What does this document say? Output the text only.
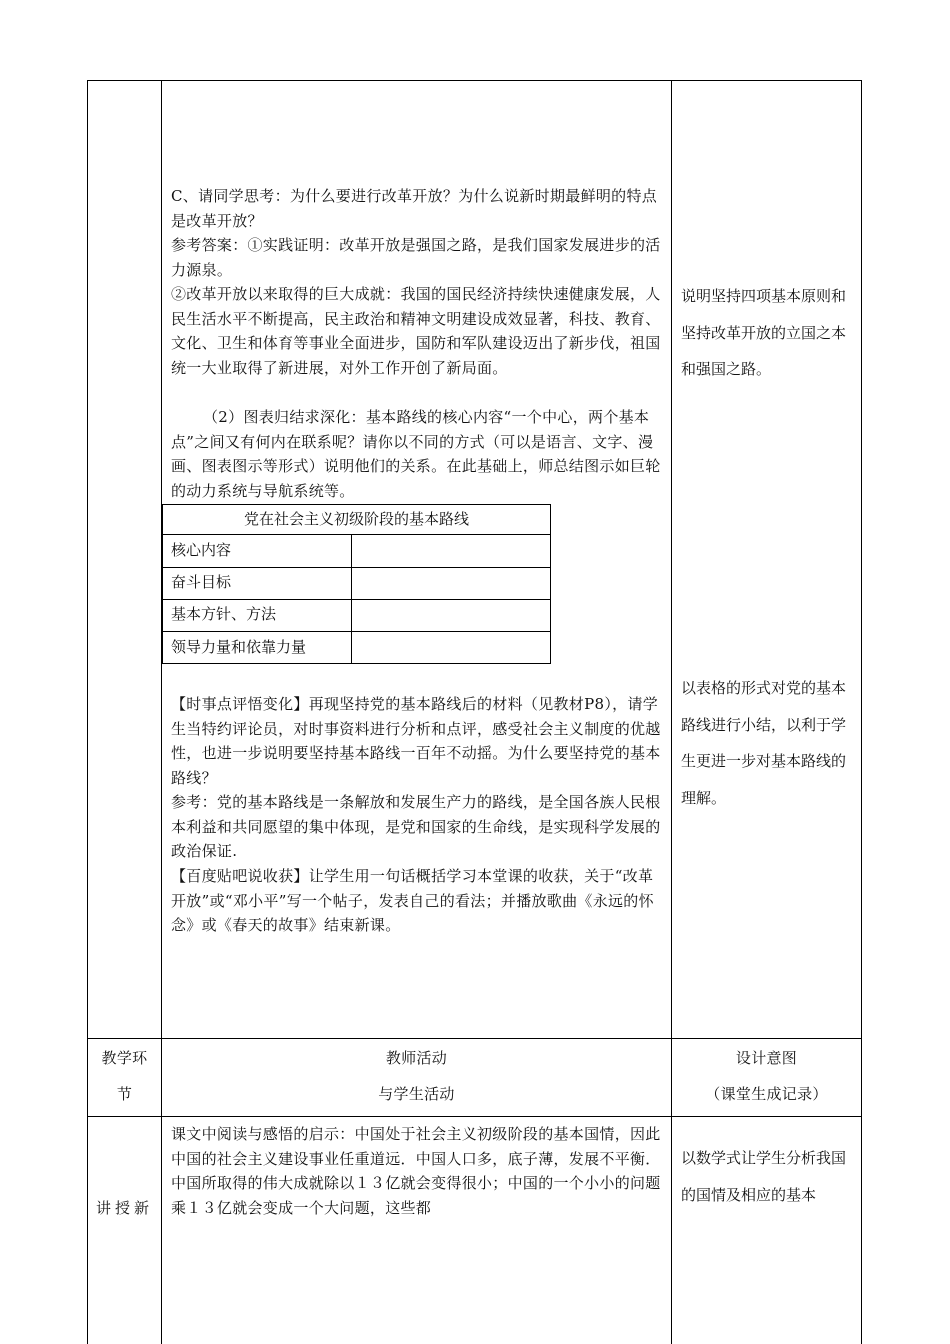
C、请同学思考：为什么要进行改革开放？为什么说新时期最鲜明的特点是改革开放？

参考答案：①实践证明：改革开放是强国之路，是我们国家发展进步的活力源泉。

②改革开放以来取得的巨大成就：我国的国民经济持续快速健康发展，人民生活水平不断提高，民主政治和精神文明建设成效显著，科技、教育、文化、卫生和体育等事业全面进步，国防和军队建设迈出了新步伐，祖国统一大业取得了新进展，对外工作开创了新局面。

（2）图表归结求深化：基本路线的核心内容“一个中心，两个基本点”之间又有何内在联系呢？请你以不同的方式（可以是语言、文字、漫画、图表图示等形式）说明他们的关系。在此基础上，师总结图示如巨轮的动力系统与导航系统等。

党在社会主义初级阶段的基本路线
核心内容
奋斗目标
基本方针、方法
领导力量和依靠力量

【时事点评悟变化】再现坚持党的基本路线后的材料（见教材P8），请学生当特约评论员，对时事资料进行分析和点评，感受社会主义制度的优越性，也进一步说明要坚持基本路线一百年不动摇。为什么要坚持党的基本路线？

参考：党的基本路线是一条解放和发展生产力的路线，是全国各族人民根本利益和共同愿望的集中体现，是党和国家的生命线，是实现科学发展的政治保证.

【百度贴吧说收获】让学生用一句话概括学习本堂课的收获，关于“改革开放”或“邓小平”写一个帖子，发表自己的看法；并播放歌曲《永远的怀念》或《春天的故事》结束新课。

说明坚持四项基本原则和坚持改革开放的立国之本和强国之路。

以表格的形式对党的基本路线进行小结，以利于学生更进一步对基本路线的理解。

教学环
节
教师活动
与学生活动
设计意图
（课堂生成记录）
讲授新

课文中阅读与感悟的启示：中国处于社会主义初级阶段的基本国情，因此中国的社会主义建设事业任重道远．中国人口多，底子薄，发展不平衡．中国所取得的伟大成就除以１３亿就会变得很小；中国的一个小小的问题乘１３亿就会变成一个大问题，这些都

以数学式让学生分析我国的国情及相应的基本
